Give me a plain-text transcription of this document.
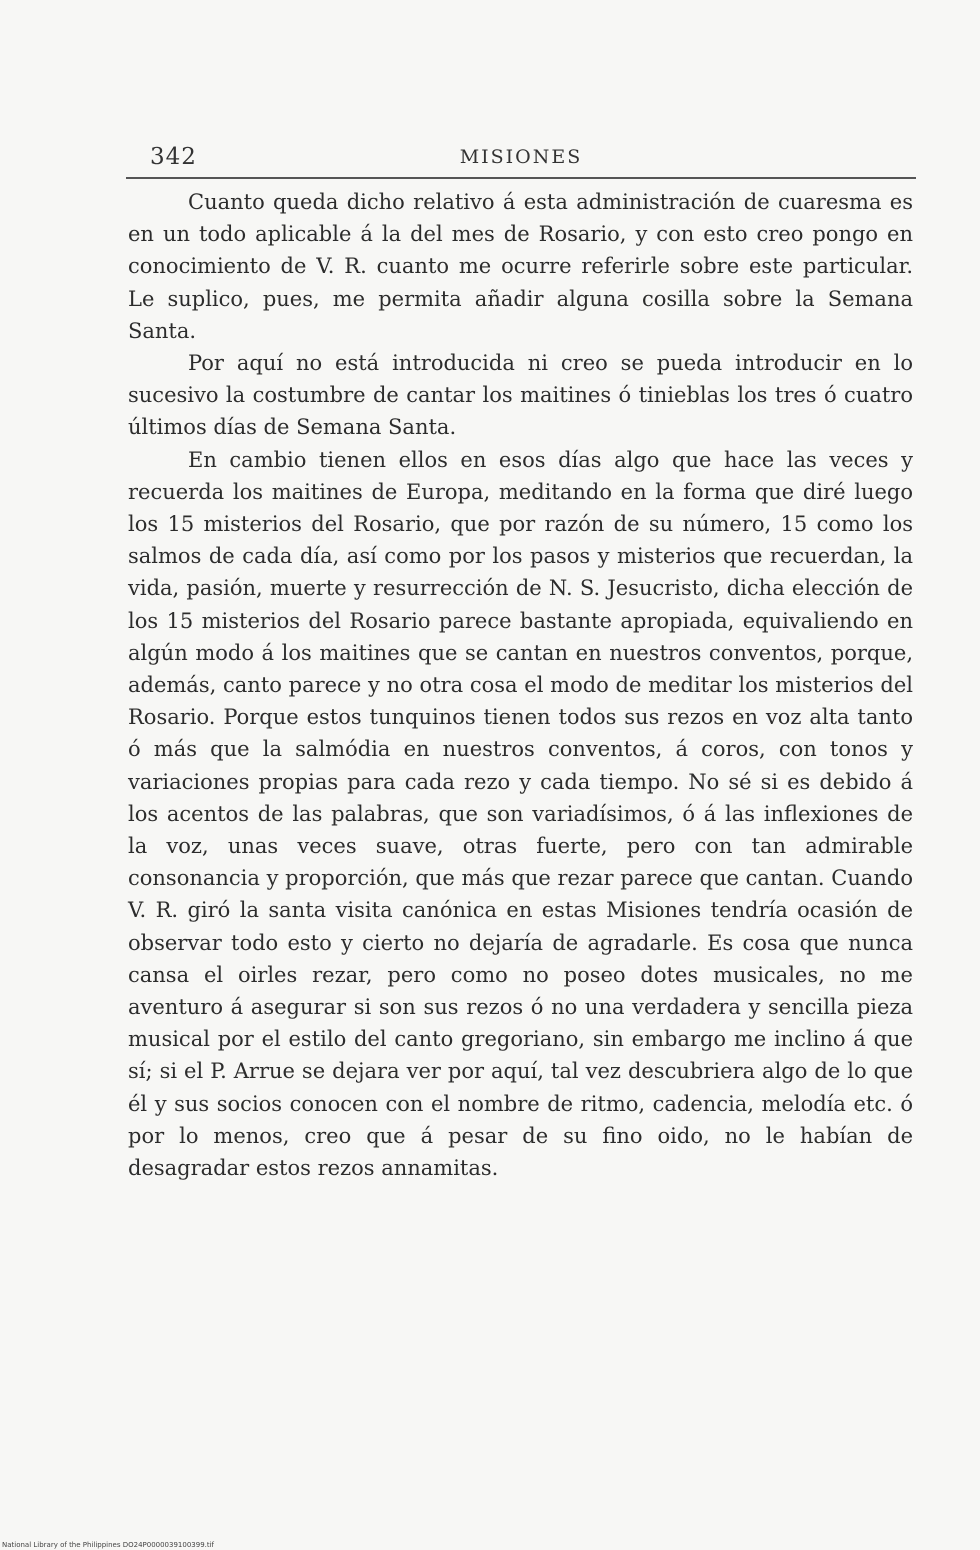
342	MISIONES

Cuanto queda dicho relativo á esta administración de cuaresma es en un todo aplicable á la del mes de Rosario, y con esto creo pongo en conocimiento de V. R. cuanto me ocurre referirle sobre este particular. Le suplico, pues, me permita añadir alguna cosilla sobre la Semana Santa.

Por aquí no está introducida ni creo se pueda introducir en lo sucesivo la costumbre de cantar los maitines ó tinieblas los tres ó cuatro últimos días de Semana Santa.

En cambio tienen ellos en esos días algo que hace las veces y recuerda los maitines de Europa, meditando en la forma que diré luego los 15 misterios del Rosario, que por razón de su número, 15 como los salmos de cada día, así como por los pasos y misterios que recuerdan, la vida, pasión, muerte y resurrección de N. S. Jesucristo, dicha elección de los 15 misterios del Rosario parece bastante apropiada, equivaliendo en algún modo á los maitines que se cantan en nuestros conventos, porque, además, canto parece y no otra cosa el modo de meditar los misterios del Rosario. Porque estos tunquinos tienen todos sus rezos en voz alta tanto ó más que la salmódia en nuestros conventos, á coros, con tonos y variaciones propias para cada rezo y cada tiempo. No sé si es debido á los acentos de las palabras, que son variadísimos, ó á las inflexiones de la voz, unas veces suave, otras fuerte, pero con tan admirable consonancia y proporción, que más que rezar parece que cantan. Cuando V. R. giró la santa visita canónica en estas Misiones tendría ocasión de observar todo esto y cierto no dejaría de agradarle. Es cosa que nunca cansa el oirles rezar, pero como no poseo dotes musicales, no me aventuro á asegurar si son sus rezos ó no una verdadera y sencilla pieza musical por el estilo del canto gregoriano, sin embargo me inclino á que sí; si el P. Arrue se dejara ver por aquí, tal vez descubriera algo de lo que él y sus socios conocen con el nombre de ritmo, cadencia, melodía etc. ó por lo menos, creo que á pesar de su fino oido, no le habían de desagradar estos rezos annamitas.

National Library of the Philippines DO24P0000039100399.tif
